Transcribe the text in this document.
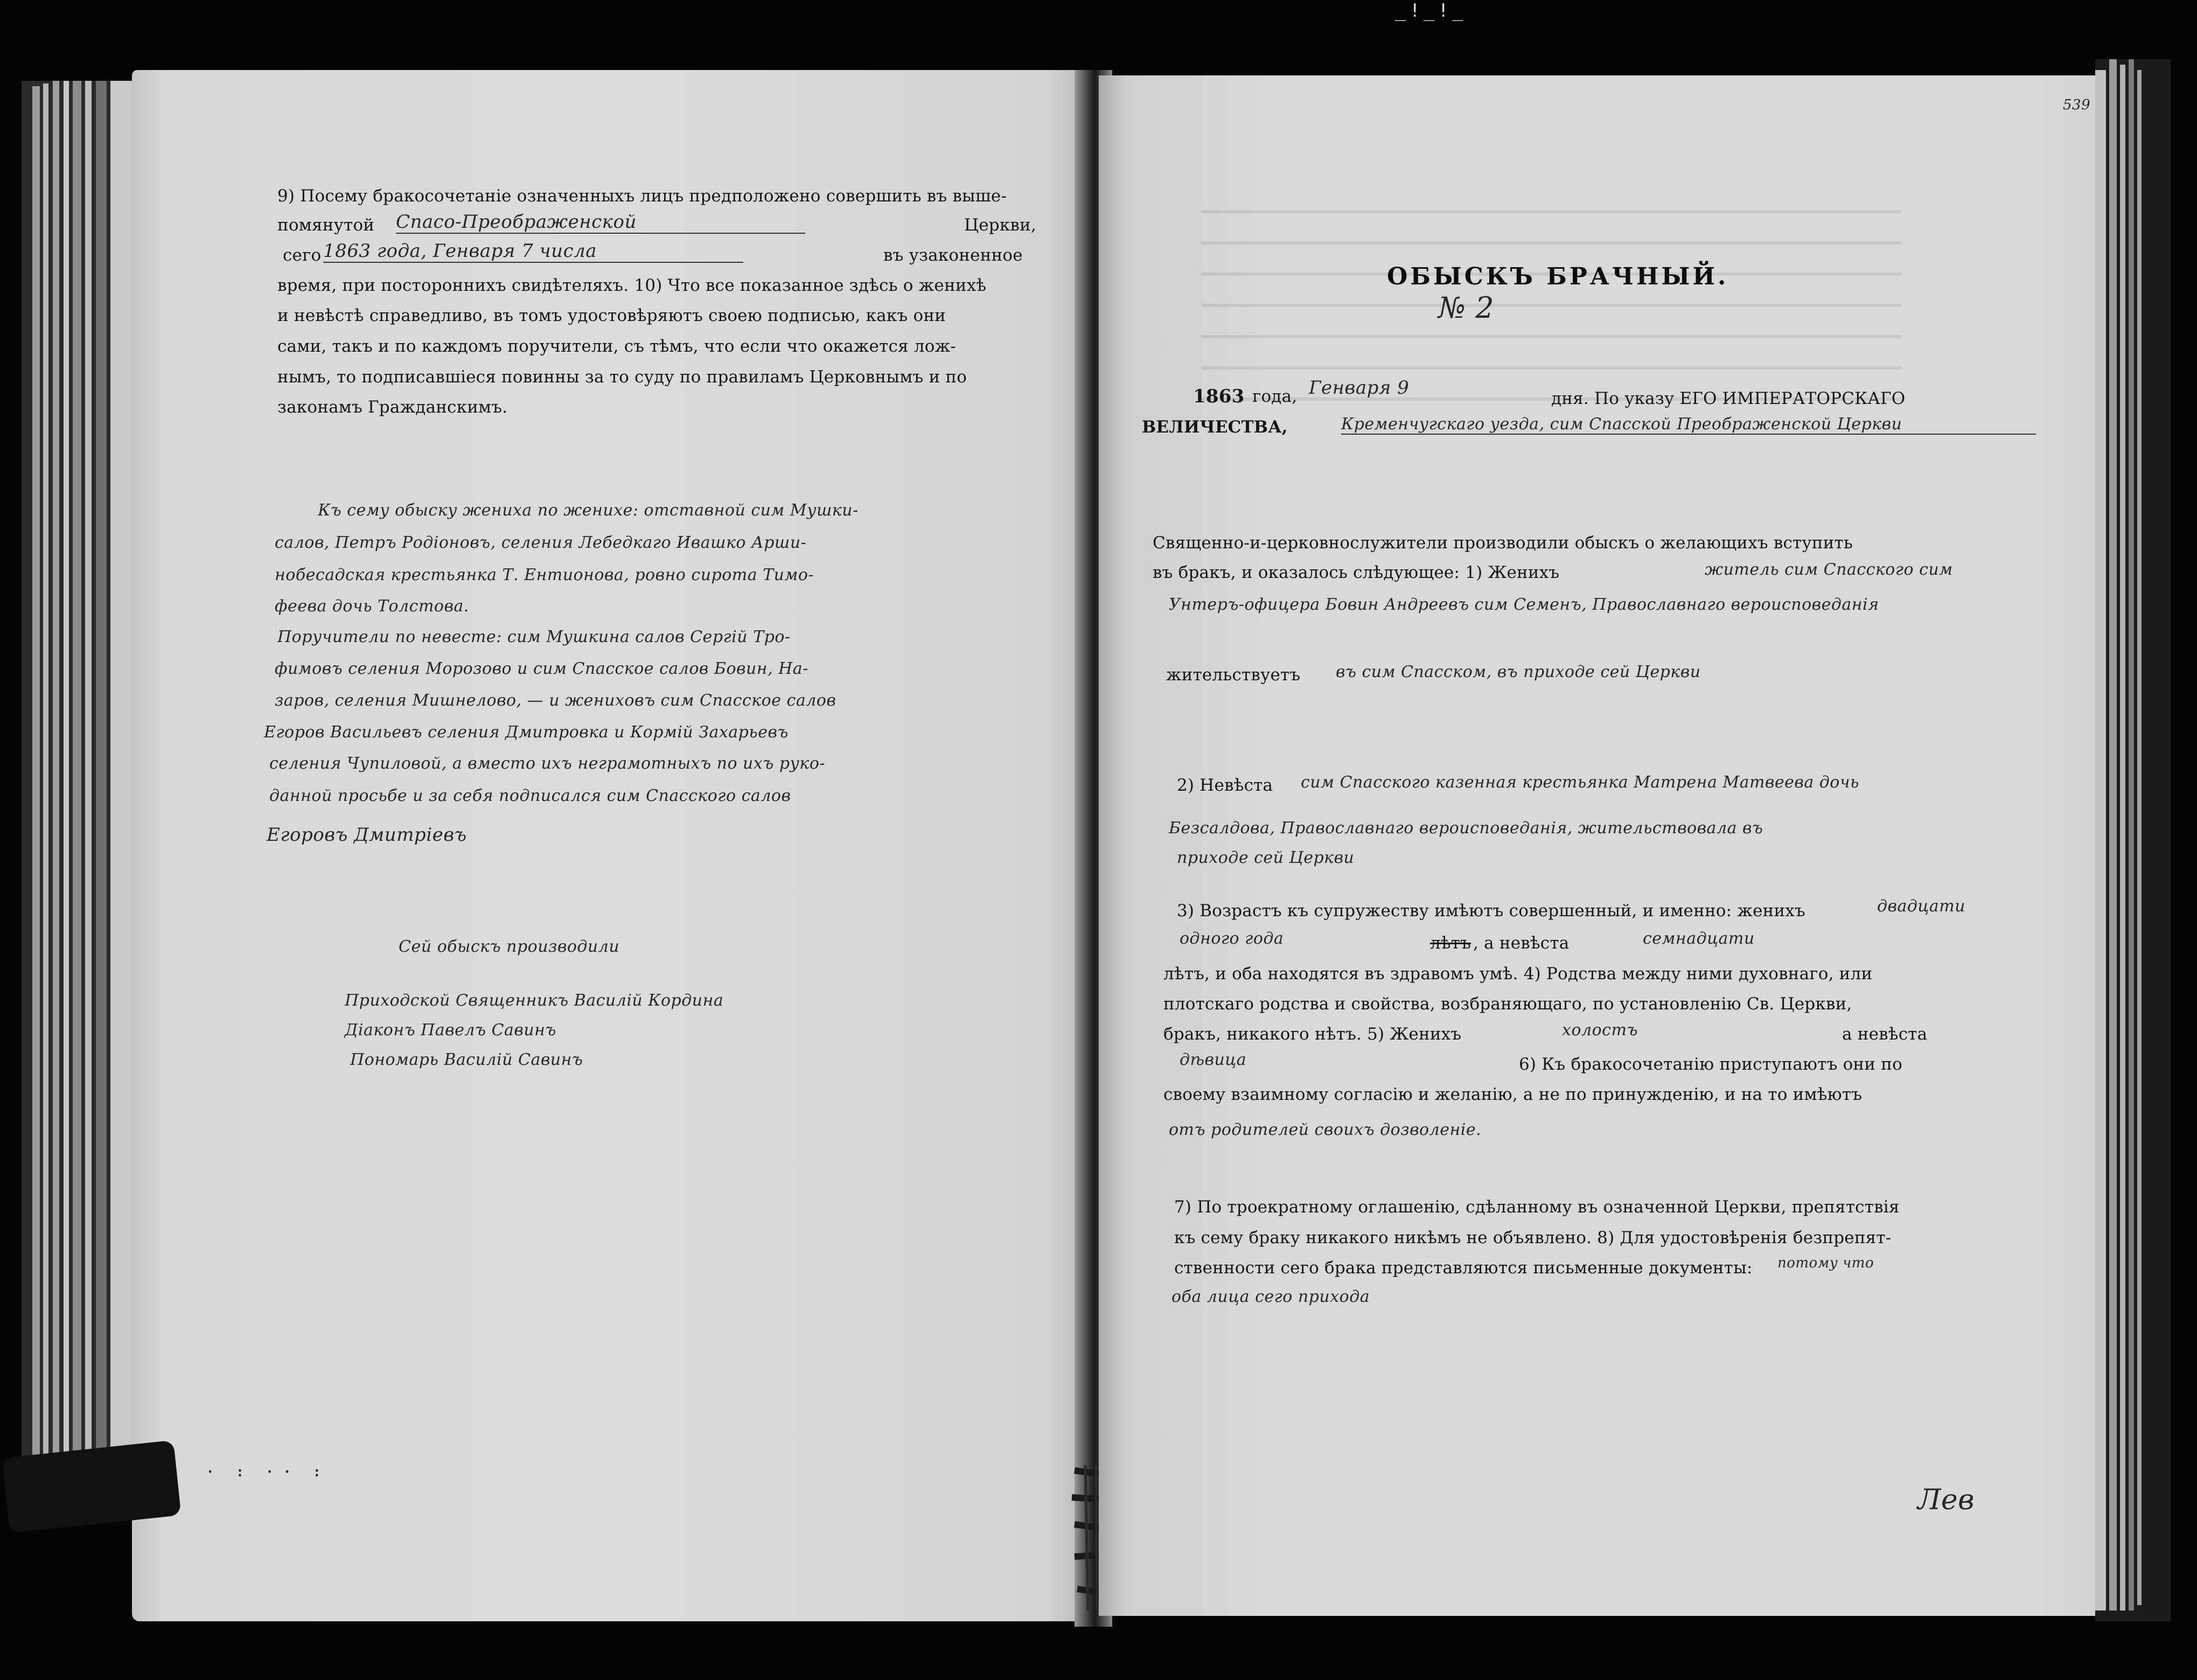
_!_!_
᛫ ᛬ ᛫᛫ ᛬
9) Посему бракосочетаніе означенныхъ лицъ предположено совершить въ выше-
помянутой Спасо-Преображенской	Церкви,
сего 1863 года, Генваря 7 числа	въ узаконенное
время, при постороннихъ свидѣтеляхъ. 10) Что все показанное здѣсь о женихѣ
и невѣстѣ справедливо, въ томъ удостовѣряютъ своею подписью, какъ они
сами, такъ и по каждомъ поручители, съ тѣмъ, что если что окажется лож-
нымъ, то подписавшіеся повинны за то суду по правиламъ Церковнымъ и по
законамъ Гражданскимъ.
Къ сему обыску жениха по женихе: отставной сим Мушки-
салов, Петръ Родіоновъ, селения Лебедкаго Ивашко Арши-
нобесадская крестьянка Т. Ентионова, ровно сирота Тимо-
феева дочь Толстова.
Поручители по невесте: сим Мушкина салов Сергій Тро-
фимовъ селения Морозово и сим Спасское салов Бовин, На-
заров, селения Мишнелово, — и жениховъ сим Спасское салов
Егоров Васильевъ селения Дмитровка и Кормій Захарьевъ
селения Чупиловой, а вместо ихъ неграмотныхъ по ихъ руко-
данной просьбе и за себя подписался сим Спасского салов
Егоровъ Дмитріевъ
Сей обыскъ производили
Приходской Священникъ Василій Кордина
Діаконъ Павелъ Савинъ
Пономарь Василій Савинъ
539
ОБЫСКЪ БРАЧНЫЙ.
№ 2
1863 года, Генваря 9	дня. По указу ЕГО ИМПЕРАТОРСКАГО
ВЕЛИЧЕСТВА,	Кременчугскаго уезда, сим Спасской Преображенской Церкви
Священно-и-церковнослужители производили обыскъ о желающихъ вступить
въ бракъ, и оказалось слѣдующее: 1) Женихъ	житель сим Спасского сим
Унтеръ-офицера Бовин Андреевъ сим Семенъ, Православнаго вероисповеданія
жительствуетъ въ сим Спасском, въ приходе сей Церкви
2) Невѣста сим Спасского казенная крестьянка Матрена Матвеева дочь
Безсалдова, Православнаго вероисповеданія, жительствовала въ
приходе сей Церкви
3) Возрастъ къ супружеству имѣютъ совершенный, и именно: женихъ	двадцати
одного года	лѣтъ , а невѣста	семнадцати
лѣтъ, и оба находятся въ здравомъ умѣ. 4) Родства между ними духовнаго, или
плотскаго родства и свойства, возбраняющаго, по установленію Св. Церкви,
бракъ, никакого нѣтъ. 5) Женихъ	холостъ	а невѣста
дѣвица	6) Къ бракосочетанію приступаютъ они по
своему взаимному согласію и желанію, а не по принужденію, и на то имѣютъ
отъ родителей своихъ дозволеніе.
7) По троекратному оглашенію, сдѣланному въ означенной Церкви, препятствія
къ сему браку никакого никѣмъ не объявлено. 8) Для удостовѣренія безпрепят-
ственности сего брака представляются письменные документы: потому что
оба лица сего прихода
Лев
